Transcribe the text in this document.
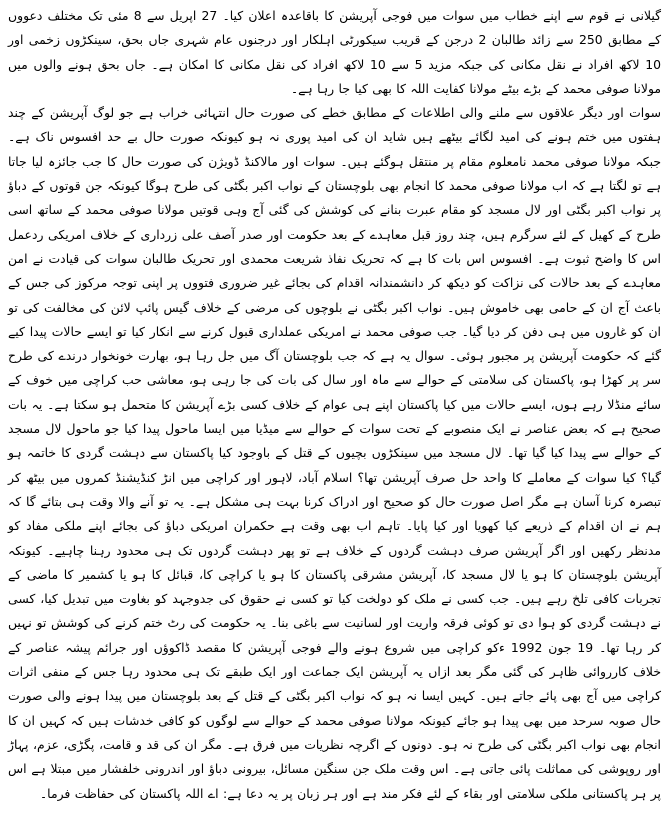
گیلانی نے قوم سے اپنے خطاب میں سوات میں فوجی آپریشن کا باقاعدہ اعلان کیا۔ 27 اپریل سے 8 مئی تک مختلف دعووں کے مطابق 250 سے زائد طالبان 2 درجن کے قریب سیکورٹی اہلکار اور درجنوں عام شہری جاں بحق، سینکڑوں زخمی اور 10 لاکھ افراد نے نقل مکانی کی جبکہ مزید 5 سے 10 لاکھ افراد کی نقل مکانی کا امکان ہے۔ جاں بحق ہونے والوں میں مولانا صوفی محمد کے بڑے بیٹے مولانا کفایت اللہ کا بھی کیا جا رہا ہے۔

سوات اور دیگر علاقوں سے ملنے والی اطلاعات کے مطابق خطے کی صورت حال انتہائی خراب ہے جو لوگ آپریشن کے چند ہفتوں میں ختم ہونے کی امید لگائے بیٹھے ہیں شاید ان کی امید پوری نہ ہو کیونکہ صورت حال بے حد افسوس ناک ہے۔ جبکہ مولانا صوفی محمد نامعلوم مقام پر منتقل ہوگئے ہیں۔ سوات اور مالاکنڈ ڈویژن کی صورت حال کا جب جائزہ لیا جاتا ہے تو لگتا ہے کہ اب مولانا صوفی محمد کا انجام بھی بلوچستان کے نواب اکبر بگٹی کی طرح ہوگا کیونکہ جن قوتوں کے دباؤ پر نواب اکبر بگٹی اور لال مسجد کو مقام عبرت بنانے کی کوشش کی گئی آج وہی قوتیں مولانا صوفی محمد کے ساتھ اسی طرح کے کھیل کے لئے سرگرم ہیں، چند روز قبل معاہدے کے بعد حکومت اور صدر آصف علی زرداری کے خلاف امریکی ردعمل اس کا واضح ثبوت ہے۔ افسوس اس بات کا ہے کہ تحریک نفاذ شریعت محمدی اور تحریک طالبان سوات کی قیادت نے امن معاہدے کے بعد حالات کی نزاکت کو دیکھ کر دانشمندانہ اقدام کی بجائے غیر ضروری فتووں پر اپنی توجہ مرکوز کی جس کے باعث آج ان کے حامی بھی خاموش ہیں۔ نواب اکبر بگٹی نے بلوچوں کی مرضی کے خلاف گیس پائپ لائن کی مخالفت کی تو ان کو غاروں میں ہی دفن کر دیا گیا۔ جب صوفی محمد نے امریکی عملداری قبول کرنے سے انکار کیا تو ایسے حالات پیدا کیے گئے کہ حکومت آپریشن پر مجبور ہوئی۔ سوال یہ ہے کہ جب بلوچستان آگ میں جل رہا ہو، بھارت خونخوار درندے کی طرح سر پر کھڑا ہو، پاکستان کی سلامتی کے حوالے سے ماہ اور سال کی بات کی جا رہی ہو، معاشی حب کراچی میں خوف کے سائے منڈلا رہے ہوں، ایسے حالات میں کیا پاکستان اپنے ہی عوام کے خلاف کسی بڑے آپریشن کا متحمل ہو سکتا ہے۔ یہ بات صحیح ہے کہ بعض عناصر نے ایک منصوبے کے تحت سوات کے حوالے سے میڈیا میں ایسا ماحول پیدا کیا جو ماحول لال مسجد کے حوالے سے پیدا کیا گیا تھا۔ لال مسجد میں سینکڑوں بچیوں کے قتل کے باوجود کیا پاکستان سے دہشت گردی کا خاتمہ ہو گیا؟ کیا سوات کے معاملے کا واحد حل صرف آپریشن تھا؟ اسلام آباد، لاہور اور کراچی میں انڑ کنڈیشنڈ کمروں میں بیٹھ کر تبصرہ کرنا آسان ہے مگر اصل صورت حال کو صحیح اور ادراک کرنا بہت ہی مشکل ہے۔ یہ تو آنے والا وقت ہی بتائے گا کہ ہم نے ان اقدام کے ذریعے کیا کھویا اور کیا پایا۔ تاہم اب بھی وقت ہے حکمران امریکی دباؤ کی بجائے اپنے ملکی مفاد کو مدنظر رکھیں اور اگر آپریشن صرف دہشت گردوں کے خلاف ہے تو پھر دہشت گردوں تک ہی محدود رہنا چاہیے۔ کیونکہ آپریشن بلوچستان کا ہو یا لال مسجد کا، آپریشن مشرقی پاکستان کا ہو یا کراچی کا، قبائل کا ہو یا کشمیر کا ماضی کے تجربات کافی تلخ رہے ہیں۔ جب کسی نے ملک کو دولخت کیا تو کسی نے حقوق کی جدوجہد کو بغاوت میں تبدیل کیا، کسی نے دہشت گردی کو ہوا دی تو کوئی فرقہ واریت اور لسانیت سے باغی بنا۔ یہ حکومت کی رٹ ختم کرنے کی کوشش تو نہیں کر رہا تھا۔ 19 جون 1992 ءکو کراچی میں شروع ہونے والے فوجی آپریشن کا مقصد ڈاکوؤں اور جرائم پیشہ عناصر کے خلاف کارروائی ظاہر کی گئی مگر بعد ازاں یہ آپریشن ایک جماعت اور ایک طبقے تک ہی محدود رہا جس کے منفی اثرات کراچی میں آج بھی پائے جاتے ہیں۔ کہیں ایسا نہ ہو کہ نواب اکبر بگٹی کے قتل کے بعد بلوچستان میں پیدا ہونے والی صورت حال صوبہ سرحد میں بھی پیدا ہو جائے کیونکہ مولانا صوفی محمد کے حوالے سے لوگوں کو کافی خدشات ہیں کہ کہیں ان کا انجام بھی نواب اکبر بگٹی کی طرح نہ ہو۔ دونوں کے اگرچہ نظریات میں فرق ہے۔ مگر ان کی قد و قامت، پگڑی، عزم، پہاڑ اور روپوشی کی مماثلت پائی جاتی ہے۔ اس وقت ملک جن سنگین مسائل، بیرونی دباؤ اور اندرونی خلفشار میں مبتلا ہے اس پر ہر پاکستانی ملکی سلامتی اور بقاء کے لئے فکر مند ہے اور ہر زبان پر یہ دعا ہے: اے اللہ پاکستان کی حفاظت فرما۔
